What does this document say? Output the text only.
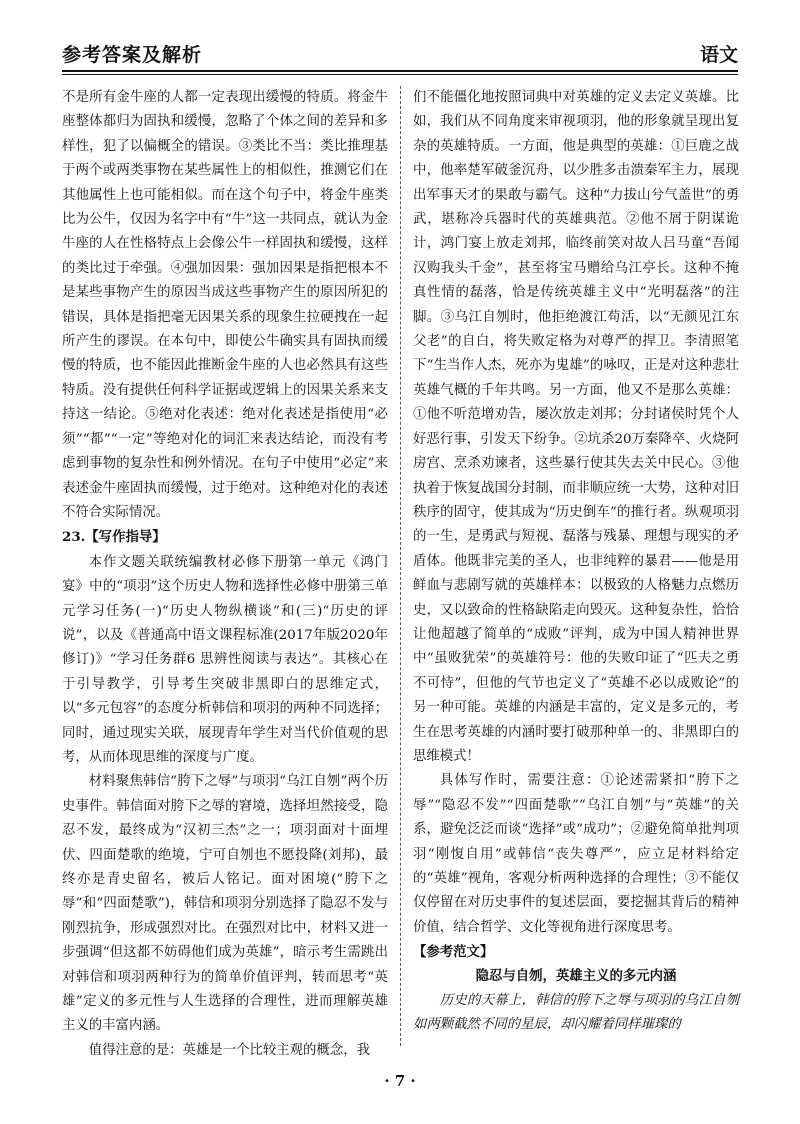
参考答案及解析	语文

不是所有金牛座的人都一定表现出缓慢的特质。将金牛座整体都归为固执和缓慢，忽略了个体之间的差异和多样性，犯了以偏概全的错误。③类比不当：类比推理基于两个或两类事物在某些属性上的相似性，推测它们在其他属性上也可能相似。而在这个句子中，将金牛座类比为公牛，仅因为名字中有“牛”这一共同点，就认为金牛座的人在性格特点上会像公牛一样固执和缓慢，这样的类比过于牵强。④强加因果：强加因果是指把根本不是某些事物产生的原因当成这些事物产生的原因所犯的错误，具体是指把毫无因果关系的现象生拉硬拽在一起所产生的谬误。在本句中，即使公牛确实具有固执而缓慢的特质，也不能因此推断金牛座的人也必然具有这些特质。没有提供任何科学证据或逻辑上的因果关系来支持这一结论。⑤绝对化表述：绝对化表述是指使用“必须”“都”“一定”等绝对化的词汇来表达结论，而没有考虑到事物的复杂性和例外情况。在句子中使用“必定”来表述金牛座固执而缓慢，过于绝对。这种绝对化的表述不符合实际情况。

23.【写作指导】

本作文题关联统编教材必修下册第一单元《鸿门宴》中的“项羽”这个历史人物和选择性必修中册第三单元学习任务(一)“历史人物纵横谈”和(三)“历史的评说”，以及《普通高中语文课程标准(2017年版2020年修订)》“学习任务群6 思辨性阅读与表达”。其核心在于引导教学，引导考生突破非黑即白的思维定式，以“多元包容”的态度分析韩信和项羽的两种不同选择；同时，通过现实关联，展现青年学生对当代价值观的思考，从而体现思维的深度与广度。

材料聚焦韩信“胯下之辱”与项羽“乌江自刎”两个历史事件。韩信面对胯下之辱的窘境，选择坦然接受，隐忍不发，最终成为“汉初三杰”之一；项羽面对十面埋伏、四面楚歌的绝境，宁可自刎也不愿投降(刘邦)，最终亦是青史留名，被后人铭记。面对困境(“胯下之辱”和“四面楚歌”)，韩信和项羽分别选择了隐忍不发与刚烈抗争，形成强烈对比。在强烈对比中，材料又进一步强调“但这都不妨碍他们成为英雄”，暗示考生需跳出对韩信和项羽两种行为的简单价值评判，转而思考“英雄”定义的多元性与人生选择的合理性，进而理解英雄主义的丰富内涵。

值得注意的是：英雄是一个比较主观的概念，我

们不能僵化地按照词典中对英雄的定义去定义英雄。比如，我们从不同角度来审视项羽，他的形象就呈现出复杂的英雄特质。一方面，他是典型的英雄：①巨鹿之战中，他率楚军破釜沉舟，以少胜多击溃秦军主力，展现出军事天才的果敢与霸气。这种“力拔山兮气盖世”的勇武，堪称冷兵器时代的英雄典范。②他不屑于阴谋诡计，鸿门宴上放走刘邦，临终前笑对故人吕马童“吾闻汉购我头千金”，甚至将宝马赠给乌江亭长。这种不掩真性情的磊落，恰是传统英雄主义中“光明磊落”的注脚。③乌江自刎时，他拒绝渡江苟活，以“无颜见江东父老”的自白，将失败定格为对尊严的捍卫。李清照笔下“生当作人杰，死亦为鬼雄”的咏叹，正是对这种悲壮英雄气概的千年共鸣。另一方面，他又不是那么英雄：①他不听范增劝告，屡次放走刘邦；分封诸侯时凭个人好恶行事，引发天下纷争。②坑杀20万秦降卒、火烧阿房宫、烹杀劝谏者，这些暴行使其失去关中民心。③他执着于恢复战国分封制，而非顺应统一大势，这种对旧秩序的固守，使其成为“历史倒车”的推行者。纵观项羽的一生，是勇武与短视、磊落与残暴、理想与现实的矛盾体。他既非完美的圣人，也非纯粹的暴君——他是用鲜血与悲剧写就的英雄样本：以极致的人格魅力点燃历史，又以致命的性格缺陷走向毁灭。这种复杂性，恰恰让他超越了简单的“成败”评判，成为中国人精神世界中“虽败犹荣”的英雄符号：他的失败印证了“匹夫之勇不可恃”，但他的气节也定义了“英雄不必以成败论”的另一种可能。英雄的内涵是丰富的，定义是多元的，考生在思考英雄的内涵时要打破那种单一的、非黑即白的思维模式！

具体写作时，需要注意：①论述需紧扣“胯下之辱”“隐忍不发”“四面楚歌”“乌江自刎”与“英雄”的关系，避免泛泛而谈“选择”或“成功”；②避免简单批判项羽“刚愎自用”或韩信“丧失尊严”，应立足材料给定的“英雄”视角，客观分析两种选择的合理性；③不能仅仅停留在对历史事件的复述层面，要挖掘其背后的精神价值，结合哲学、文化等视角进行深度思考。

【参考范文】

隐忍与自刎，英雄主义的多元内涵

历史的天幕上，韩信的胯下之辱与项羽的乌江自刎如两颗截然不同的星辰，却闪耀着同样璀璨的

· 7 ·
